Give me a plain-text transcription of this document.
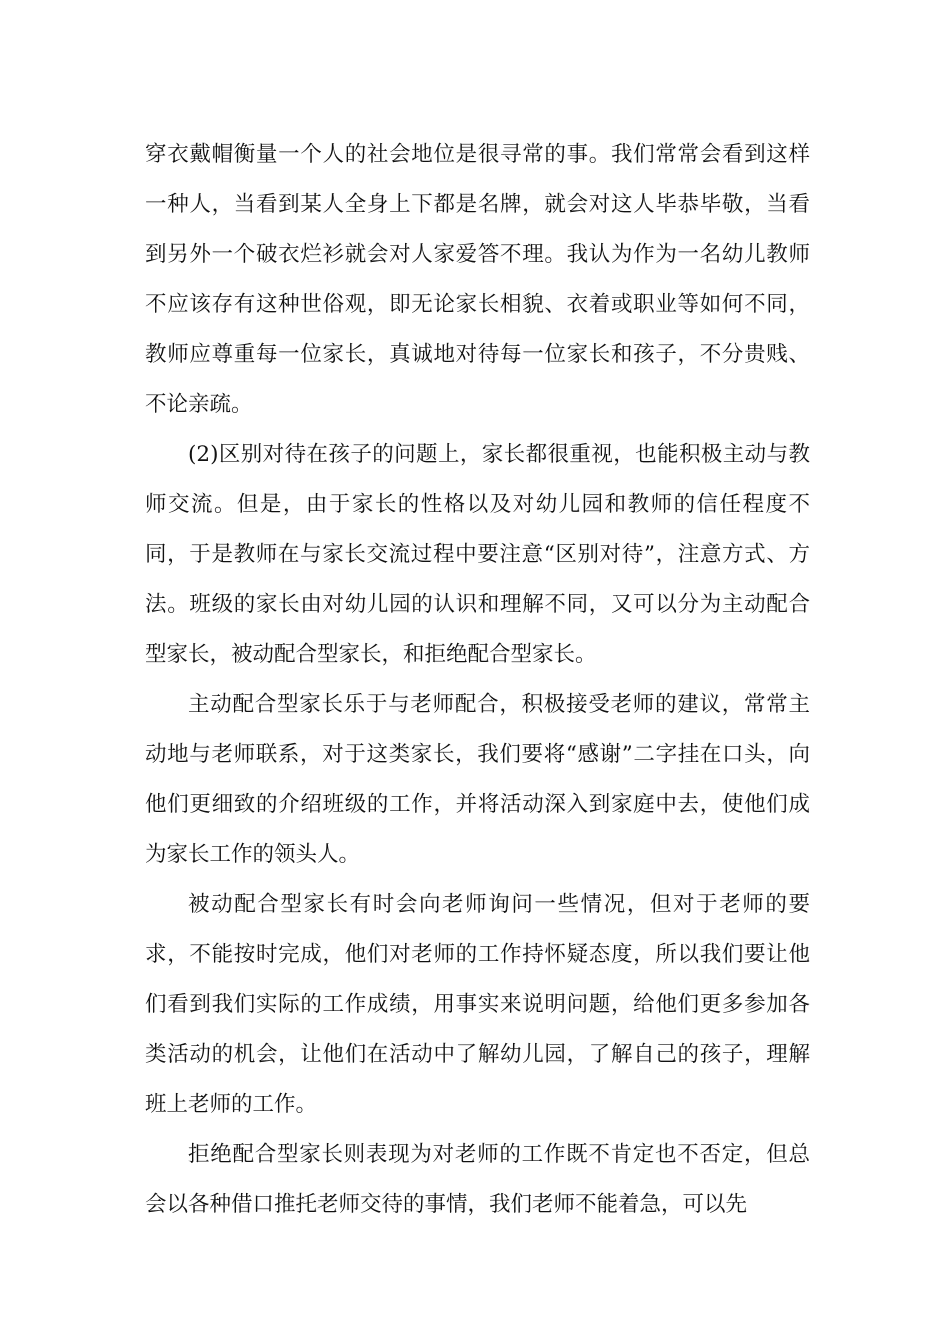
穿衣戴帽衡量一个人的社会地位是很寻常的事。我们常常会看到这样一种人，当看到某人全身上下都是名牌，就会对这人毕恭毕敬，当看到另外一个破衣烂衫就会对人家爱答不理。我认为作为一名幼儿教师不应该存有这种世俗观，即无论家长相貌、衣着或职业等如何不同，教师应尊重每一位家长，真诚地对待每一位家长和孩子，不分贵贱、不论亲疏。

(2)区别对待在孩子的问题上，家长都很重视，也能积极主动与教师交流。但是，由于家长的性格以及对幼儿园和教师的信任程度不同，于是教师在与家长交流过程中要注意“区别对待”，注意方式、方法。班级的家长由对幼儿园的认识和理解不同，又可以分为主动配合型家长，被动配合型家长，和拒绝配合型家长。

主动配合型家长乐于与老师配合，积极接受老师的建议，常常主动地与老师联系，对于这类家长，我们要将“感谢”二字挂在口头，向他们更细致的介绍班级的工作，并将活动深入到家庭中去，使他们成为家长工作的领头人。

被动配合型家长有时会向老师询问一些情况，但对于老师的要求，不能按时完成，他们对老师的工作持怀疑态度，所以我们要让他们看到我们实际的工作成绩，用事实来说明问题，给他们更多参加各类活动的机会，让他们在活动中了解幼儿园，了解自己的孩子，理解班上老师的工作。

拒绝配合型家长则表现为对老师的工作既不肯定也不否定，但总会以各种借口推托老师交待的事情，我们老师不能着急，可以先
